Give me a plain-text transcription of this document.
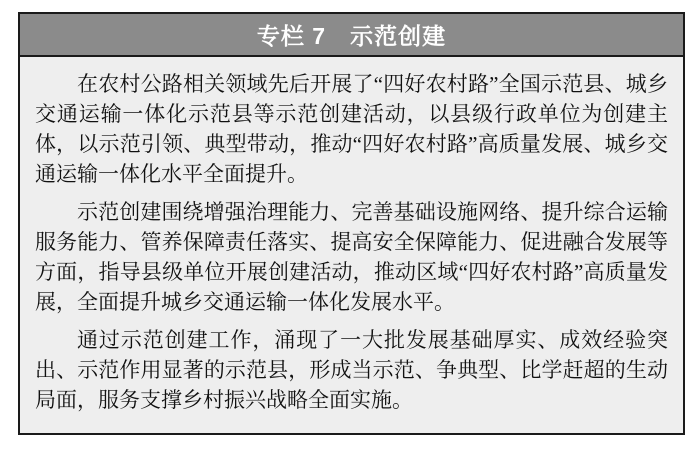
专栏 7　示范创建

在农村公路相关领域先后开展了“四好农村路”全国示范县、城乡交通运输一体化示范县等示范创建活动，以县级行政单位为创建主体，以示范引领、典型带动，推动“四好农村路”高质量发展、城乡交通运输一体化水平全面提升。

示范创建围绕增强治理能力、完善基础设施网络、提升综合运输服务能力、管养保障责任落实、提高安全保障能力、促进融合发展等方面，指导县级单位开展创建活动，推动区域“四好农村路”高质量发展，全面提升城乡交通运输一体化发展水平。

通过示范创建工作，涌现了一大批发展基础厚实、成效经验突出、示范作用显著的示范县，形成当示范、争典型、比学赶超的生动局面，服务支撑乡村振兴战略全面实施。
